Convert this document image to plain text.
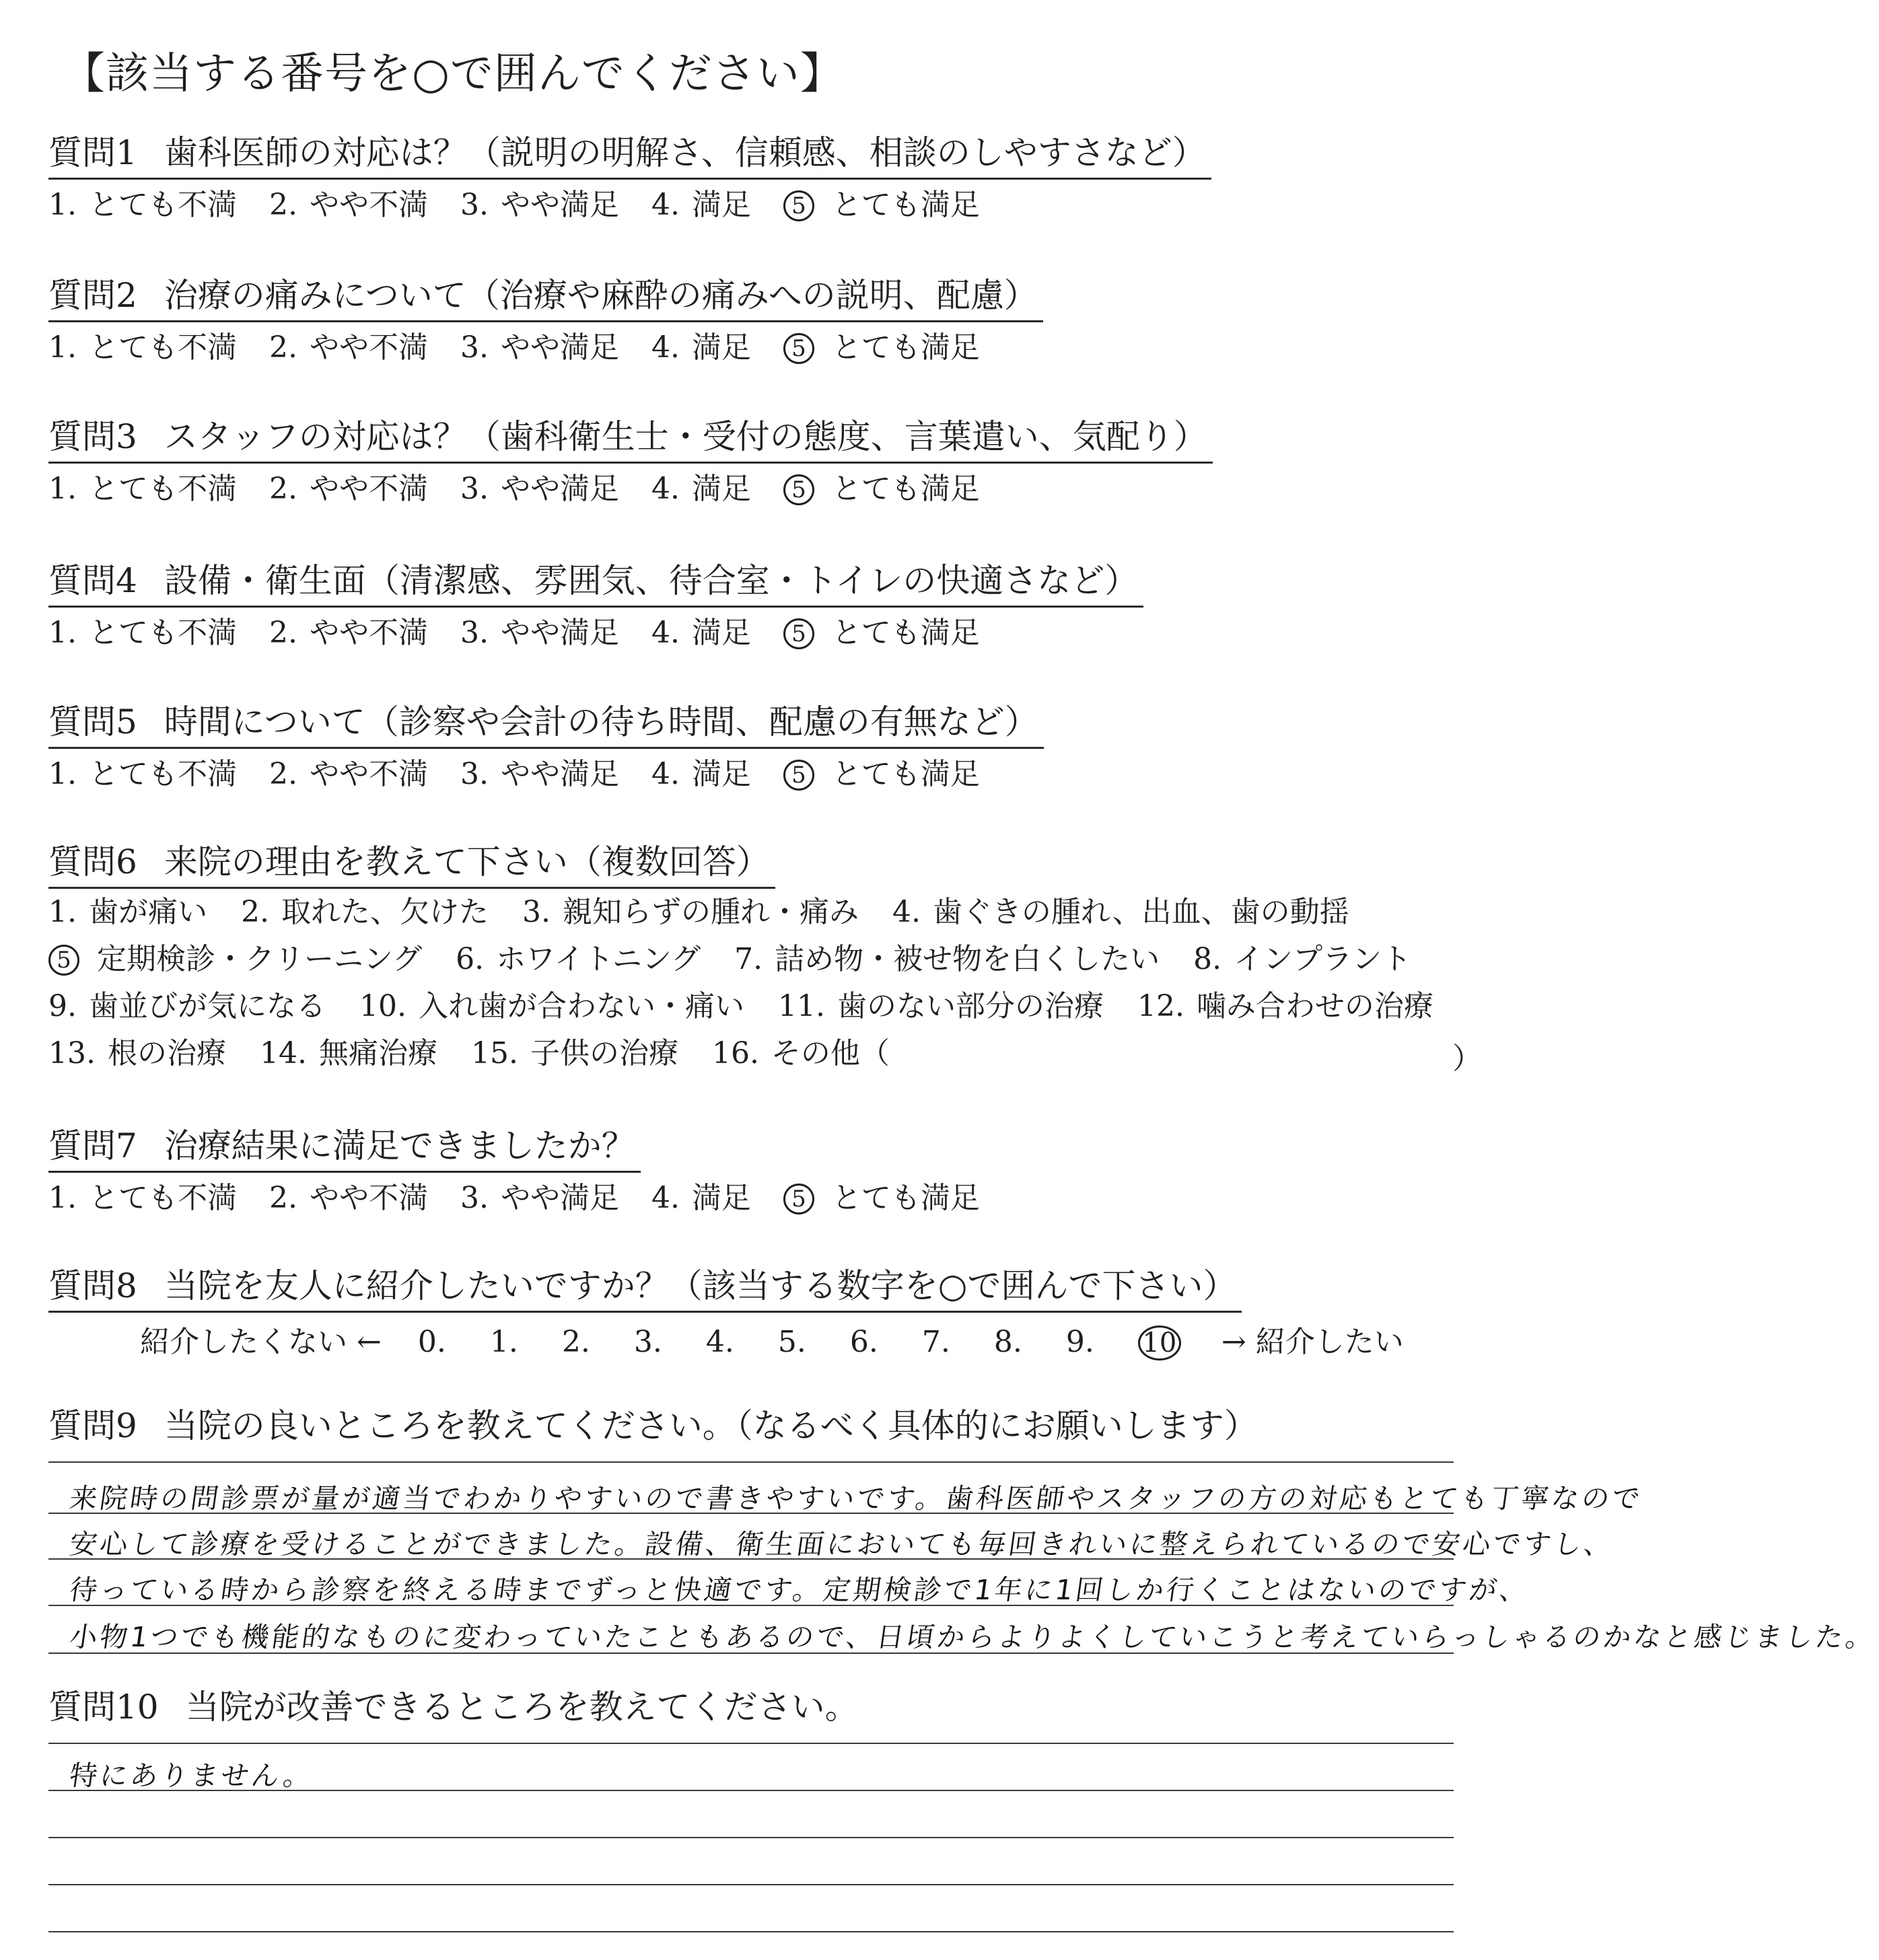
【該当する番号を○で囲んでください】
質問1 歯科医師の対応は？（説明の明解さ、信頼感、相談のしやすさなど）
1. とても不満 2. やや不満 3. やや満足 4. 満足 5 とても満足
質問2 治療の痛みについて（治療や麻酔の痛みへの説明、配慮）
1. とても不満 2. やや不満 3. やや満足 4. 満足 5 とても満足
質問3 スタッフの対応は？（歯科衛生士・受付の態度、言葉遣い、気配り）
1. とても不満 2. やや不満 3. やや満足 4. 満足 5 とても満足
質問4 設備・衛生面（清潔感、雰囲気、待合室・トイレの快適さなど）
1. とても不満 2. やや不満 3. やや満足 4. 満足 5 とても満足
質問5 時間について（診察や会計の待ち時間、配慮の有無など）
1. とても不満 2. やや不満 3. やや満足 4. 満足 5 とても満足
質問6 来院の理由を教えて下さい（複数回答）
1. 歯が痛い 2. 取れた、欠けた 3. 親知らずの腫れ・痛み 4. 歯ぐきの腫れ、出血、歯の動揺
5 定期検診・クリーニング 6. ホワイトニング 7. 詰め物・被せ物を白くしたい 8. インプラント
9. 歯並びが気になる 10. 入れ歯が合わない・痛い 11. 歯のない部分の治療 12. 噛み合わせの治療
13. 根の治療 14. 無痛治療 15. 子供の治療 16. その他（	）
質問7 治療結果に満足できましたか？
1. とても不満 2. やや不満 3. やや満足 4. 満足 5 とても満足
質問8 当院を友人に紹介したいですか？（該当する数字を○で囲んで下さい）
紹介したくない ← 0. 1. 2. 3. 4. 5. 6. 7. 8. 9. 10 → 紹介したい
質問9 当院の良いところを教えてください。（なるべく具体的にお願いします）
来院時の問診票が量が適当でわかりやすいので書きやすいです。歯科医師やスタッフの方の対応もとても丁寧なので
安心して診療を受けることができました。設備、衛生面においても毎回きれいに整えられているので安心ですし、
待っている時から診察を終える時までずっと快適です。定期検診で1年に1回しか行くことはないのですが、
小物1つでも機能的なものに変わっていたこともあるので、日頃からよりよくしていこうと考えていらっしゃるのかなと感じました。
質問10 当院が改善できるところを教えてください。
特にありません。
